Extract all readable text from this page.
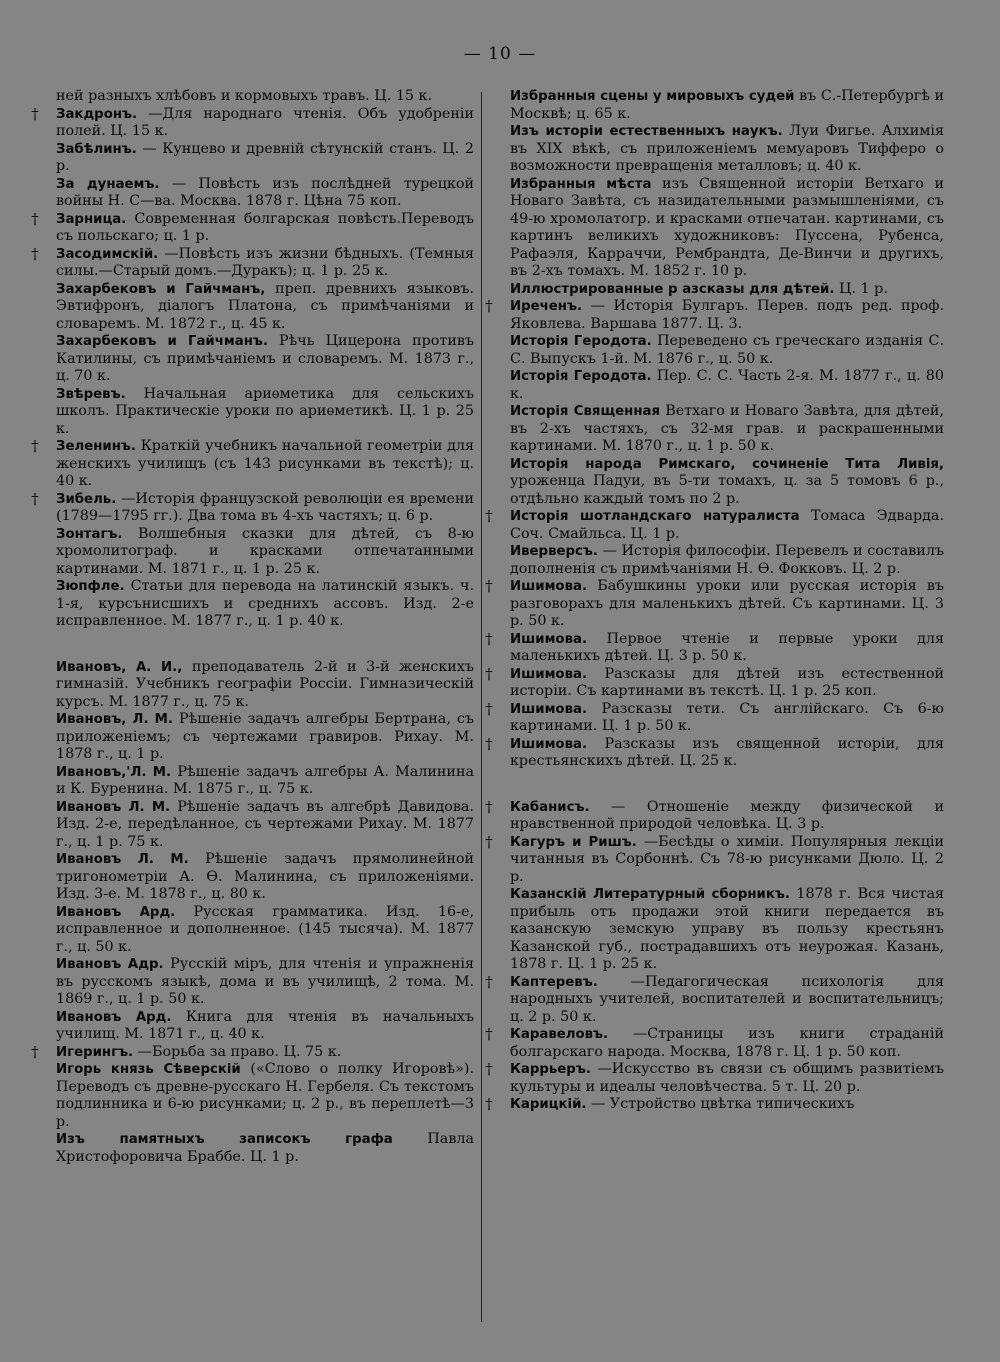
— 10 —

ней разныхъ хлѣбовъ и кормовыхъ травъ. Ц. 15 к.

† Закдронъ. —Для народнаго чтенія. Объ удобреніи полей. Ц. 15 к.

Забѣлинъ. — Кунцево и древній сѣтунскій станъ. Ц. 2 р.

За дунаемъ. — Повѣсть изъ послѣдней турецкой войны Н. С—ва. Москва. 1878 г. Цѣна 75 коп.

† Зарница. Современная болгарская повѣсть.Переводъ съ польскаго; ц. 1 р.

† Засодимскій. —Повѣсть изъ жизни бѣдныхъ. (Темныя силы.—Старый домъ.—Дуракъ); ц. 1 р. 25 к.

Захарбековъ и Гайчманъ, преп. древнихъ языковъ. Эвтифронъ, діалогъ Платона, съ примѣчаніями и словаремъ. М. 1872 г., ц. 45 к.

Захарбековъ и Гайчманъ. Рѣчь Цицерона противъ Катилины, съ примѣчаніемъ и словаремъ. М. 1873 г., ц. 70 к.

Звѣревъ. Начальная ариѳметика для сельскихъ школъ. Практическіе уроки по ариѳметикѣ. Ц. 1 р. 25 к.

† Зеленинъ. Краткій учебникъ начальной геометріи для женскихъ училищъ (съ 143 рисунками въ текстѣ); ц. 40 к.

† Зибель. —Исторія французской революціи ея времени (1789—1795 гг.). Два тома въ 4-хъ частяхъ; ц. 6 р.

Зонтагъ. Волшебныя сказки для дѣтей, съ 8-ю хромолитограф. и красками отпечатанными картинами. М. 1871 г., ц. 1 р. 25 к.

Зюпфле. Статьи для перевода на латинскій языкъ. ч. 1-я, курсънисшихъ и среднихъ ассовъ. Изд. 2-е исправленное. М. 1877 г., ц. 1 р. 40 к.

Ивановъ, А. И., преподаватель 2-й и 3-й женскихъ гимназій. Учебникъ географіи Россіи. Гимназическій курсъ. М. 1877 г., ц. 75 к.

Ивановъ, Л. М. Рѣшеніе задачъ алгебры Бертрана, съ приложеніемъ; съ чертежами гравиров. Рихау. М. 1878 г., ц. 1 р.

Ивановъ,'Л. М. Рѣшеніе задачъ алгебры А. Малинина и К. Буренина. М. 1875 г., ц. 75 к.

Ивановъ Л. М. Рѣшеніе задачъ въ алгебрѣ Давидова. Изд. 2-е, передѣланное, съ чертежами Рихау. М. 1877 г., ц. 1 р. 75 к.

Ивановъ Л. М. Рѣшеніе задачъ прямолинейной тригонометріи А. Ѳ. Малинина, съ приложеніями. Изд. 3-е. М. 1878 г., ц. 80 к.

Ивановъ Ард. Русская грамматика. Изд. 16-е, исправленное и дополненное. (145 тысяча). М. 1877 г., ц. 50 к.

Ивановъ Адр. Русскій міръ, для чтенія и упражненія въ русскомъ языкѣ, дома и въ училищѣ, 2 тома. М. 1869 г., ц. 1 р. 50 к.

Ивановъ Ард. Книга для чтенія въ начальныхъ училищ. М. 1871 г., ц. 40 к.

† Игерингъ. —Борьба за право. Ц. 75 к.

Игорь князь Сѣверскій («Слово о полку Игоровѣ»). Переводъ съ древне-русскаго Н. Гербеля. Съ текстомъ подлинника и 6-ю рисунками; ц. 2 р., въ переплетѣ—3 р.

Изъ памятныхъ записокъ графа Павла Христофоровича Браббе. Ц. 1 р.

Избранныя сцены у мировыхъ судей въ С.-Петербургѣ и Москвѣ; ц. 65 к.

Изъ исторіи естественныхъ наукъ. Луи Фигье. Алхимія въ XIX вѣкѣ, съ приложеніемъ мемуаровъ Тифферо о возможности превращенія металловъ; ц. 40 к.

Избранныя мѣста изъ Священной исторіи Ветхаго и Новаго Завѣта, съ назидательными размышленіями, съ 49-ю хромолатогр. и красками отпечатан. картинами, съ картинъ великихъ художниковъ: Пуссена, Рубенса, Рафаэля, Карраччи, Рембрандта, Де-Винчи и другихъ, въ 2-хъ томахъ. М. 1852 г. 10 р.

Иллюстрированные р азсказы для дѣтей. Ц. 1 р.

† Иреченъ. — Исторія Булгаръ. Перев. подъ ред. проф. Яковлева. Варшава 1877. Ц. 3.

Исторія Геродота. Переведено съ греческаго изданія С. С. Выпускъ 1-й. М. 1876 г., ц. 50 к.

Исторія Геродота. Пер. С. С. Часть 2-я. М. 1877 г., ц. 80 к.

Исторія Священная Ветхаго и Новаго Завѣта, для дѣтей, въ 2-хъ частяхъ, съ 32-мя грав. и раскрашенными картинами. М. 1870 г., ц. 1 р. 50 к.

Исторія народа Римскаго, сочиненіе Тита Ливія, уроженца Падуи, въ 5-ти томахъ, ц. за 5 томовъ 6 р., отдѣльно каждый томъ по 2 р.

† Исторія шотландскаго натуралиста Томаса Эдварда. Соч. Смайльса. Ц. 1 р.

Иверверсъ. — Исторія философіи. Перевелъ и составилъ дополненія съ примѣчаніями Н. Ѳ. Фокковъ. Ц. 2 р.

† Ишимова. Бабушкины уроки или русская исторія въ разговорахъ для маленькихъ дѣтей. Съ картинами. Ц. 3 р. 50 к.

† Ишимова. Первое чтеніе и первые уроки для маленькихъ дѣтей. Ц. 3 р. 50 к.

† Ишимова. Разсказы для дѣтей изъ естественной исторіи. Съ картинами въ текстѣ. Ц. 1 р. 25 коп.

† Ишимова. Разсказы тети. Съ англійскаго. Съ 6-ю картинами. Ц. 1 р. 50 к.

† Ишимова. Разсказы изъ священной исторіи, для крестьянскихъ дѣтей. Ц. 25 к.

† Кабанисъ. — Отношеніе между физической и нравственной природой человѣка. Ц. 3 р.

† Кагуръ и Ришъ. —Бесѣды о химіи. Популярныя лекціи читанныя въ Сорбоннѣ. Съ 78-ю рисунками Дюло. Ц. 2 р.

Казанскій Литературный сборникъ. 1878 г. Вся чистая прибыль отъ продажи этой книги передается въ казанскую земскую управу въ пользу крестьянъ Казанской губ., пострадавшихъ отъ неурожая. Казань, 1878 г. Ц. 1 р. 25 к.

† Каптеревъ. —Педагогическая психологія для народныхъ учителей, воспитателей и воспитательницъ; ц. 2 р. 50 к.

† Каравеловъ. —Страницы изъ книги страданій болгарскаго народа. Москва, 1878 г. Ц. 1 р. 50 коп.

† Каррьеръ. —Искусство въ связи съ общимъ развитіемъ культуры и идеалы человѣчества. 5 т. Ц. 20 р.

† Карицкій. — Устройство цвѣтка типическихъ
